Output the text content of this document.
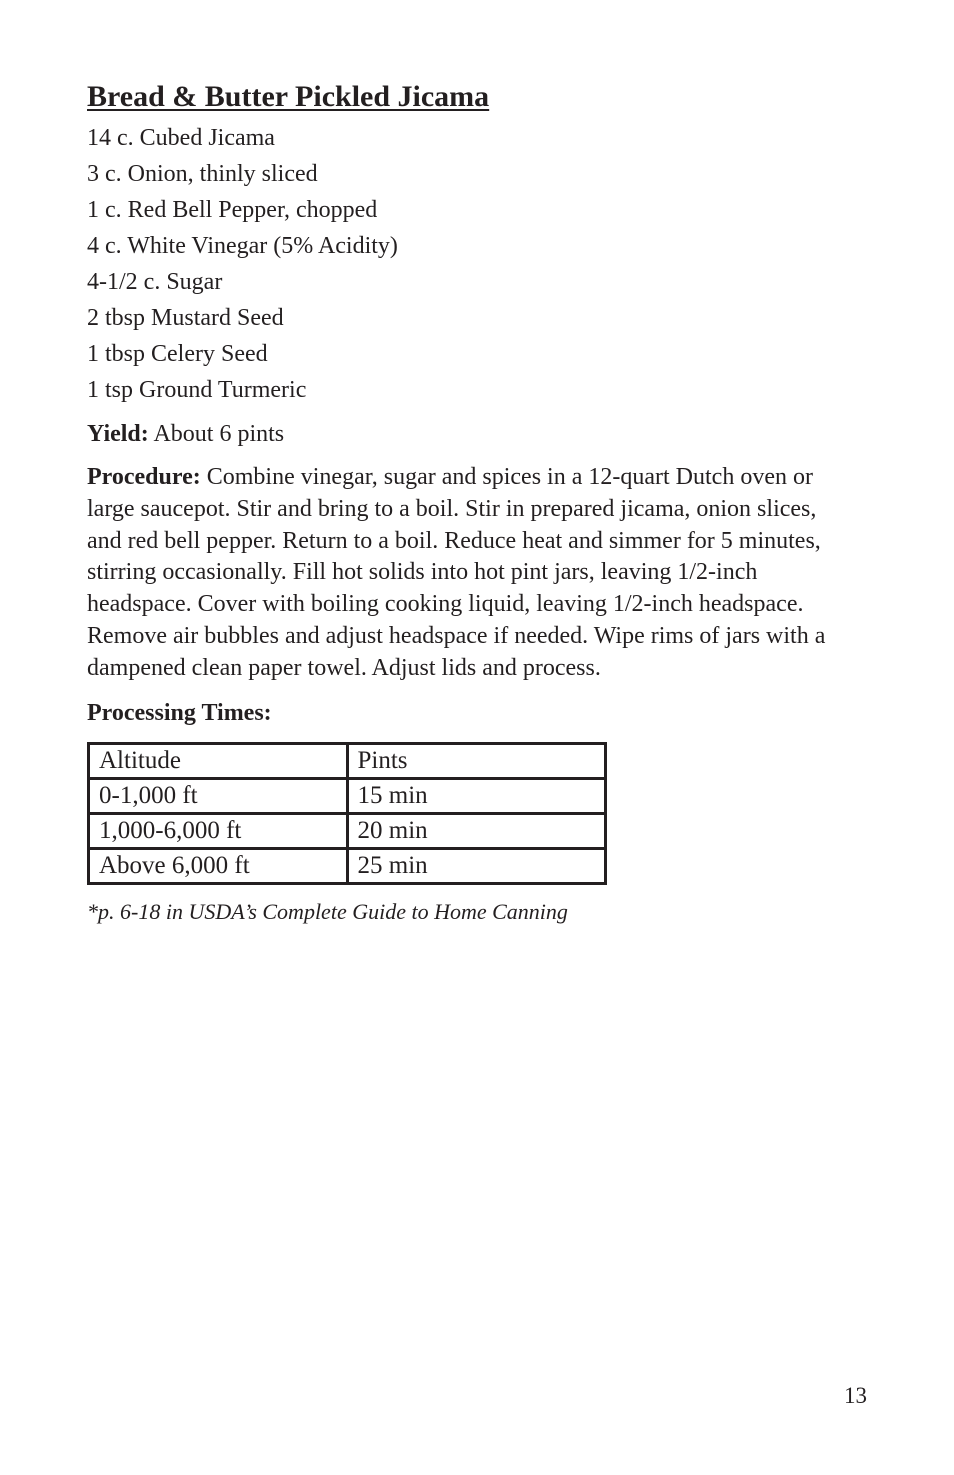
Bread & Butter Pickled Jicama
14 c. Cubed Jicama
3 c. Onion, thinly sliced
1 c. Red Bell Pepper, chopped
4 c. White Vinegar (5% Acidity)
4-1/2 c. Sugar
2 tbsp Mustard Seed
1 tbsp Celery Seed
1 tsp Ground Turmeric
Yield: About 6 pints
Procedure: Combine vinegar, sugar and spices in a 12-quart Dutch oven or large saucepot. Stir and bring to a boil. Stir in prepared jicama, onion slices, and red bell pepper. Return to a boil. Reduce heat and simmer for 5 minutes, stirring occasionally. Fill hot solids into hot pint jars, leaving 1/2-inch headspace. Cover with boiling cooking liquid, leaving 1/2-inch headspace. Remove air bubbles and adjust headspace if needed. Wipe rims of jars with a dampened clean paper towel. Adjust lids and process.
Processing Times:
Altitude	Pints
0-1,000 ft	15 min
1,000-6,000 ft	20 min
Above 6,000 ft	25 min
*p. 6-18 in USDA’s Complete Guide to Home Canning
13
